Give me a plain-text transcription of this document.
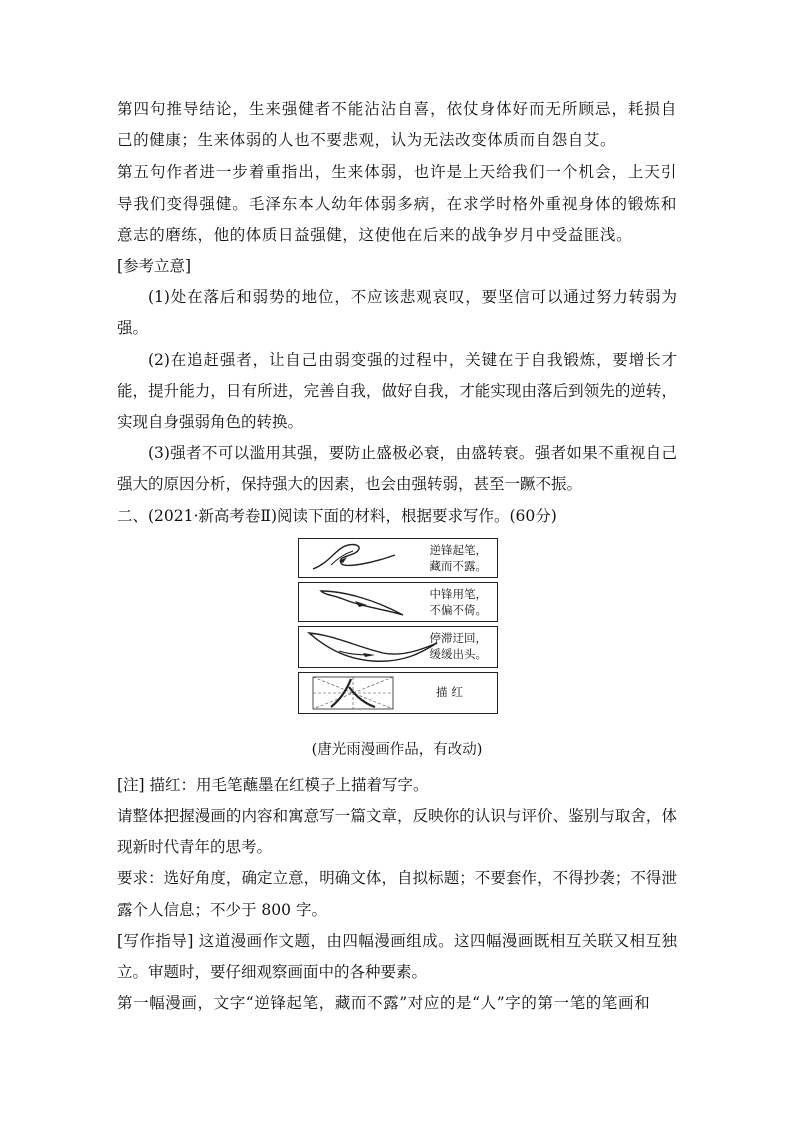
第四句推导结论，生来强健者不能沾沾自喜，依仗身体好而无所顾忌，耗损自己的健康；生来体弱的人也不要悲观，认为无法改变体质而自怨自艾。

第五句作者进一步着重指出，生来体弱，也许是上天给我们一个机会，上天引导我们变得强健。毛泽东本人幼年体弱多病，在求学时格外重视身体的锻炼和意志的磨练，他的体质日益强健，这使他在后来的战争岁月中受益匪浅。

[参考立意]

(1)处在落后和弱势的地位，不应该悲观哀叹，要坚信可以通过努力转弱为强。

(2)在追赶强者，让自己由弱变强的过程中，关键在于自我锻炼，要增长才能，提升能力，日有所进，完善自我，做好自我，才能实现由落后到领先的逆转，实现自身强弱角色的转换。

(3)强者不可以滥用其强，要防止盛极必衰，由盛转衰。强者如果不重视自己强大的原因分析，保持强大的因素，也会由强转弱，甚至一蹶不振。

二、(2021·新高考卷Ⅱ)阅读下面的材料，根据要求写作。(60分)

逆锋起笔，
藏而不露。
中锋用笔，
不偏不倚。
停滞迂回，
缓缓出头。
描红
(唐光雨漫画作品，有改动)

[注] 描红：用毛笔蘸墨在红模子上描着写字。

请整体把握漫画的内容和寓意写一篇文章，反映你的认识与评价、鉴别与取舍，体现新时代青年的思考。

要求：选好角度，确定立意，明确文体，自拟标题；不要套作，不得抄袭；不得泄露个人信息；不少于 800 字。

[写作指导] 这道漫画作文题，由四幅漫画组成。这四幅漫画既相互关联又相互独立。审题时，要仔细观察画面中的各种要素。

第一幅漫画，文字“逆锋起笔，藏而不露”对应的是“人”字的第一笔的笔画和
